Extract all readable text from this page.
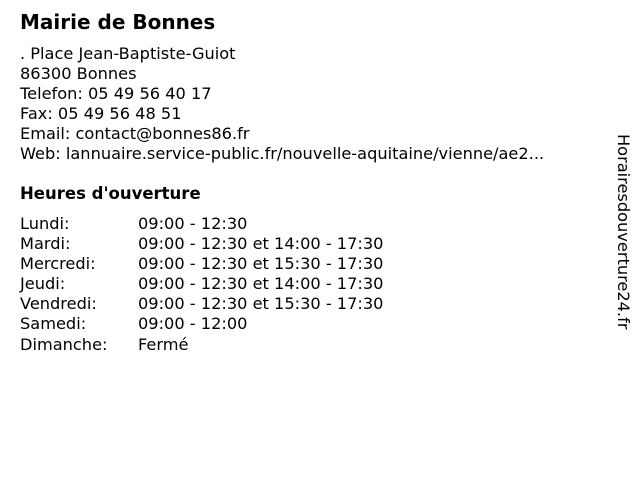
Mairie de Bonnes
. Place Jean-Baptiste-Guiot
86300 Bonnes
Telefon: 05 49 56 40 17
Fax: 05 49 56 48 51
Email: contact@bonnes86.fr
Web: lannuaire.service-public.fr/nouvelle-aquitaine/vienne/ae2...
Heures d'ouverture
Lundi:	09:00 - 12:30
Mardi:	09:00 - 12:30 et 14:00 - 17:30
Mercredi:	09:00 - 12:30 et 15:30 - 17:30
Jeudi:	09:00 - 12:30 et 14:00 - 17:30
Vendredi:	09:00 - 12:30 et 15:30 - 17:30
Samedi:	09:00 - 12:00
Dimanche: Fermé
Horairesdouverture24.fr
